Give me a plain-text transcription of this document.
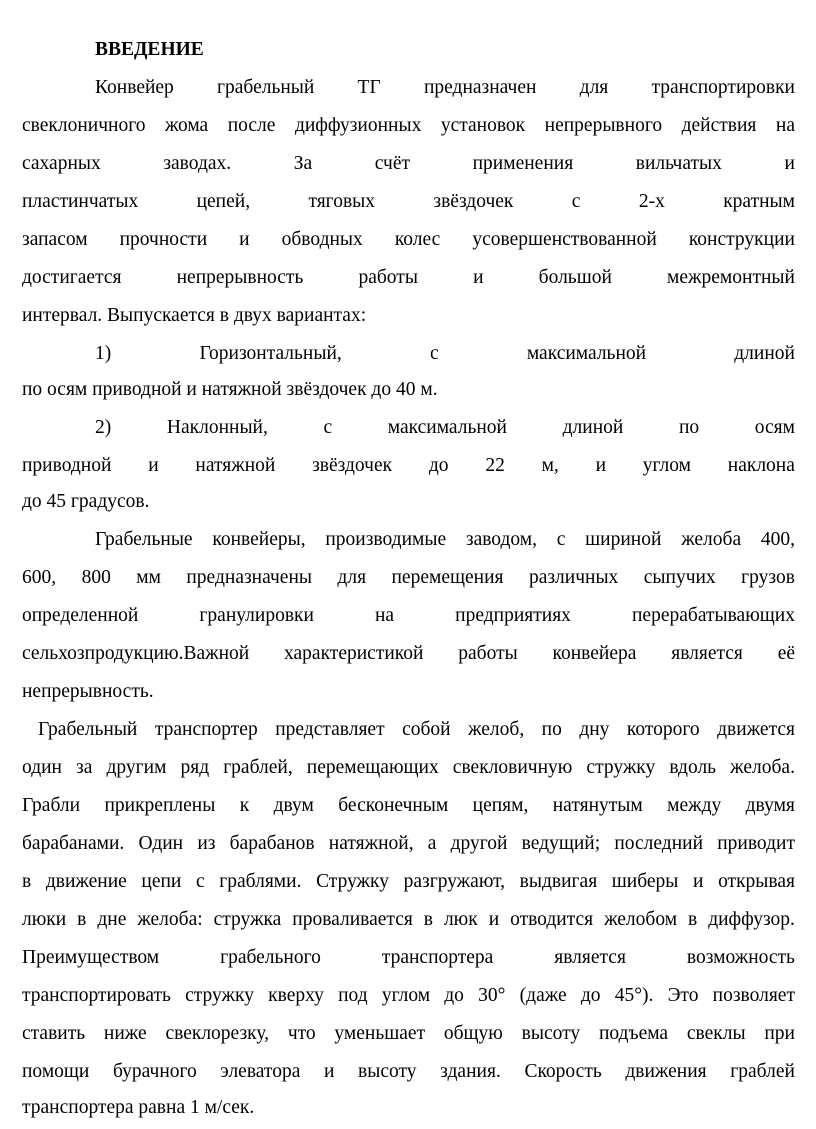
ВВЕДЕНИЕ
Конвейер грабельный ТГ предназначен для транспортировки
свеклоничного жома после диффузионных установок непрерывного действия на
сахарных	заводах.	За	счёт	применения	вильчатых	и
пластинчатых	цепей,	тяговых	звёздочек	с	2-х	кратным
запасом прочности и обводных колес усовершенствованной конструкции
достигается	непрерывность	работы	и	большой	межремонтный
интервал. Выпускается в двух вариантах:
1)	Горизонтальный,	с	максимальной	длиной
по осям приводной и натяжной звёздочек до 40 м.
2)	Наклонный,	с	максимальной	длиной	по	осям
приводной и натяжной звёздочек до 22 м, и углом наклона
до 45 градусов.
Грабельные конвейеры, производимые заводом, с шириной желоба 400,
600, 800 мм предназначены для перемещения различных сыпучих грузов
определенной	гранулировки	на	предприятиях	перерабатывающих
сельхозпродукцию.Важной характеристикой работы конвейера является её
непрерывность.
Грабельный транспортер представляет собой желоб, по дну которого движется
один за другим ряд граблей, перемещающих свекловичную стружку вдоль желоба.
Грабли прикреплены к двум бесконечным цепям, натянутым между двумя
барабанами. Один из барабанов натяжной, а другой ведущий; последний приводит
в движение цепи с граблями. Стружку разгружают, выдвигая шиберы и открывая
люки в дне желоба: стружка проваливается в люк и отводится желобом в диффузор.
Преимуществом	грабельного	транспортера	является	возможность
транспортировать стружку кверху под углом до 30° (даже до 45°). Это позволяет
ставить ниже свеклорезку, что уменьшает общую высоту подъема свеклы при
помощи бурачного элеватора и высоту здания. Скорость движения граблей
транспортера равна 1 м/сек.
